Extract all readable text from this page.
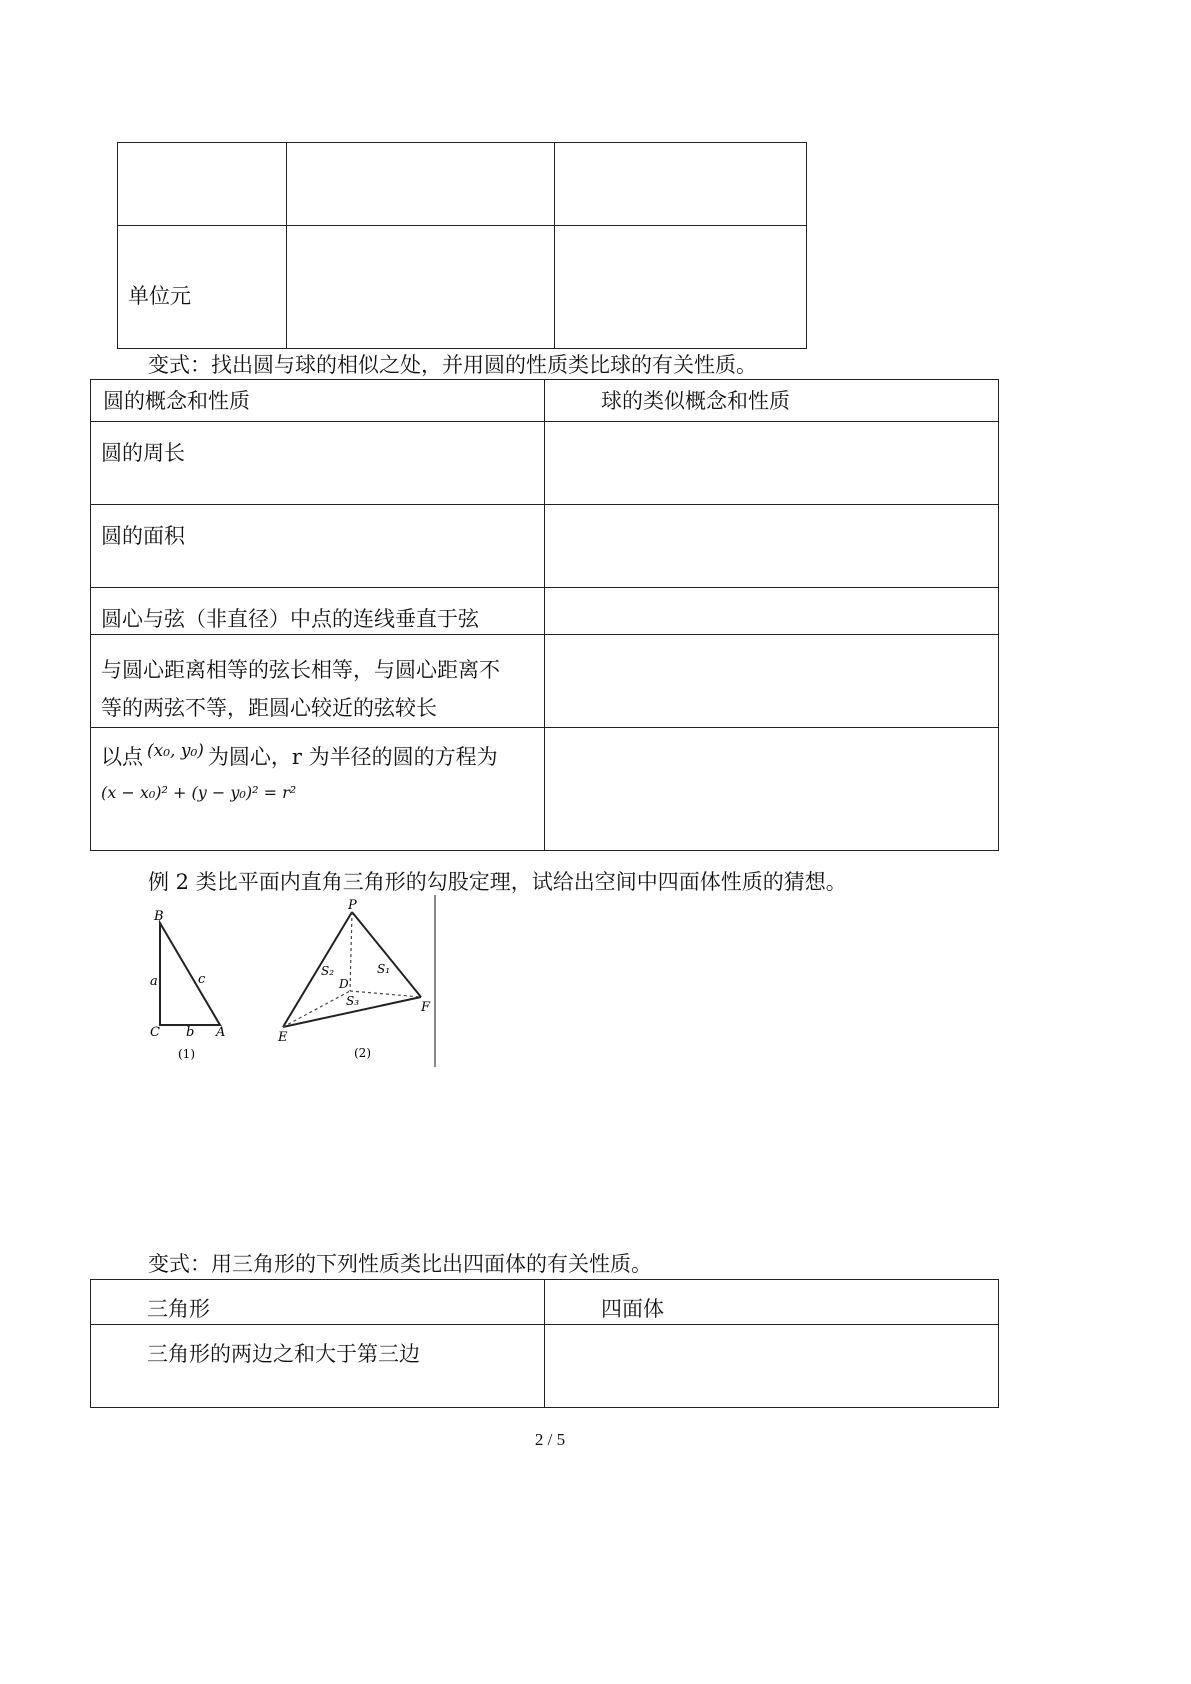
单位元		

变式：找出圆与球的相似之处，并用圆的性质类比球的有关性质。
圆的概念和性质	球的类似概念和性质

圆的周长	

圆的面积	

圆心与弦（非直径）中点的连线垂直于弦	

与圆心距离相等的弦长相等，与圆心距离不
等的两弦不等，距圆心较近的弦较长	

以点 $^{(x_0, y_0)}$ 为圆心，r 为半径的圆的方程为
(x − x₀)² + (y − y₀)² = r²	

例 2 类比平面内直角三角形的勾股定理，试给出空间中四面体性质的猜想。
B
a	c
C b A
(1)
P
S₂	S₁
D
S₃
E
F
(2)
变式：用三角形的下列性质类比出四面体的有关性质。
三角形	四面体

三角形的两边之和大于第三边	

2 / 5
